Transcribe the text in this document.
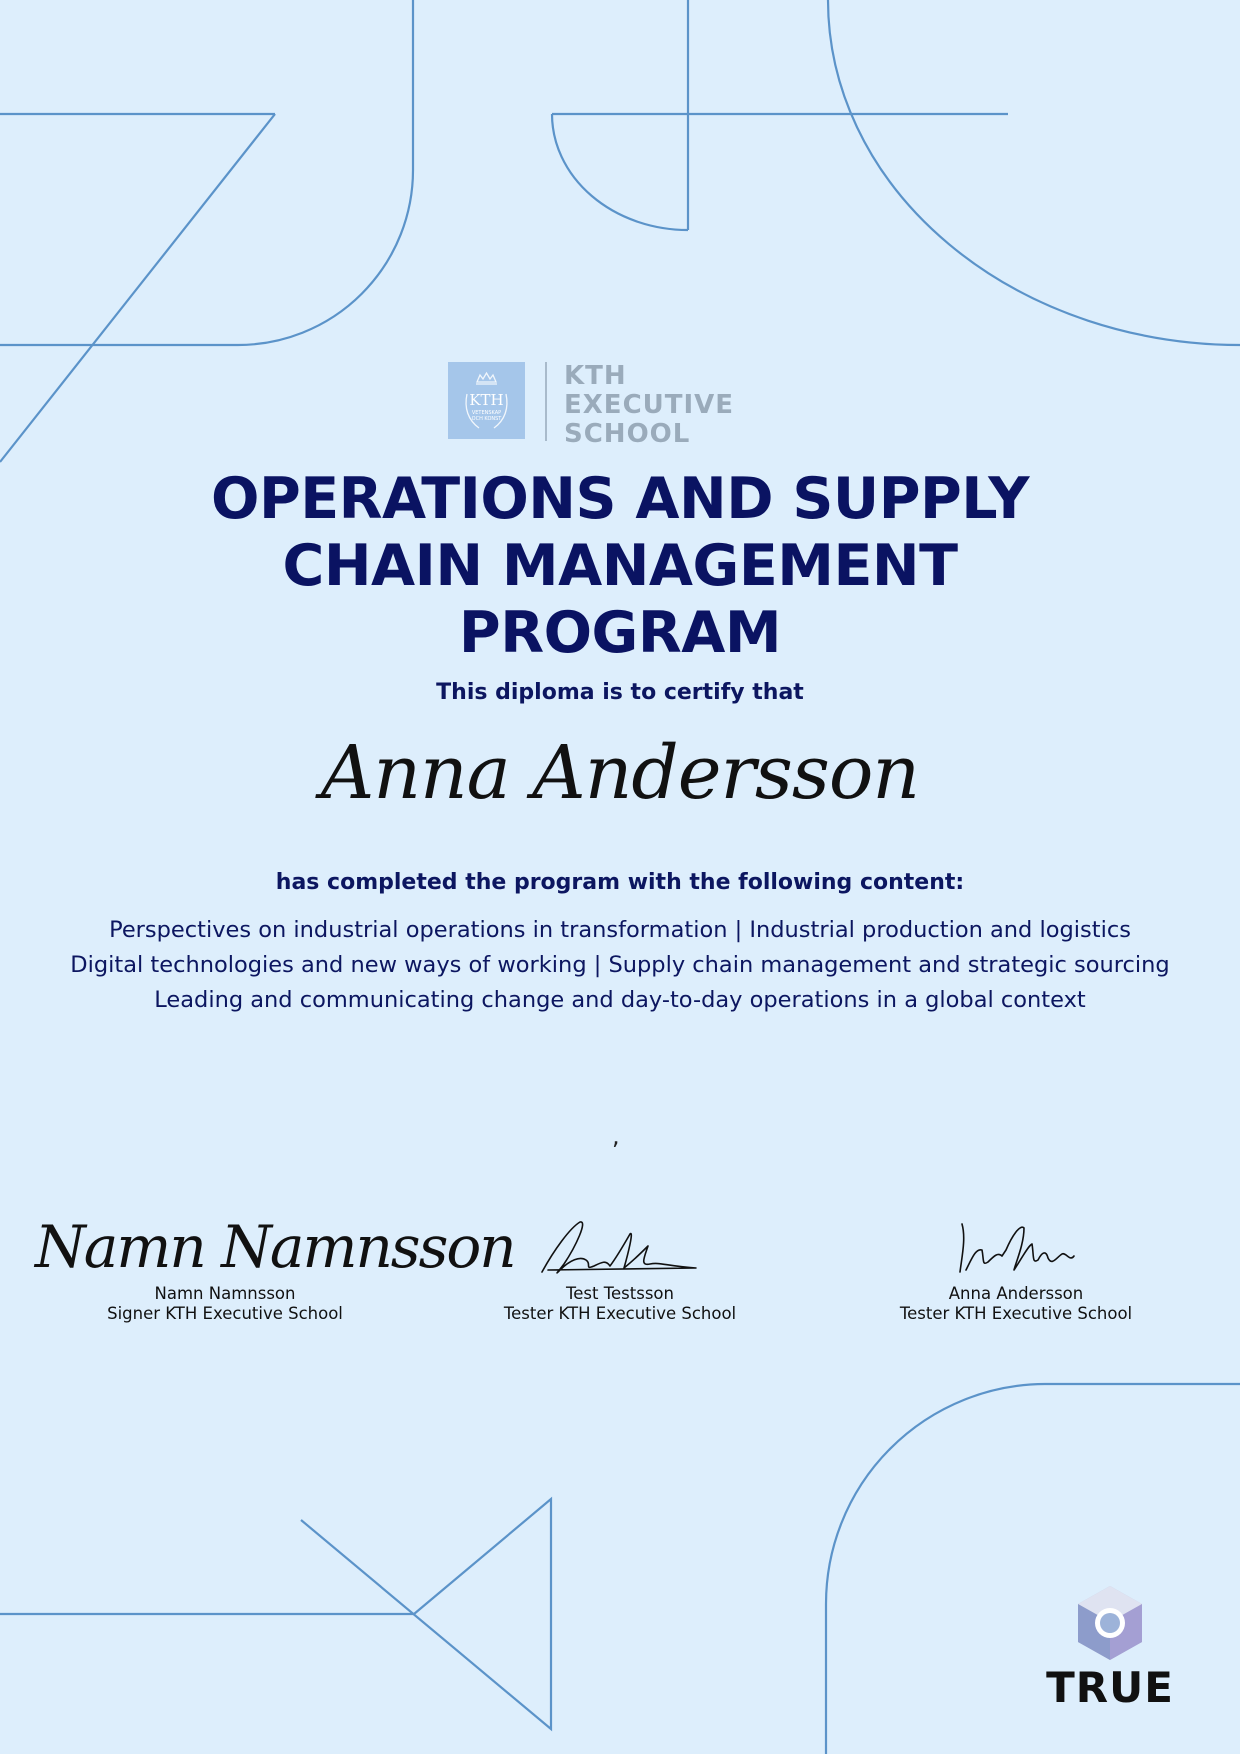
KTH
VETENSKAP
OCH KONST
KTH EXECUTIVE
SCHOOL
OPERATIONS AND SUPPLY CHAIN MANAGEMENT PROGRAM
This diploma is to certify that
Anna Andersson
has completed the program with the following content:
Perspectives on industrial operations in transformation | Industrial production and logistics
Digital technologies and new ways of working | Supply chain management and strategic sourcing
Leading and communicating change and day-to-day operations in a global context
,
Namn Namnsson
Namn Namnsson
Signer KTH Executive School
Test Testsson
Tester KTH Executive School
Anna Andersson
Tester KTH Executive School
TRUE
